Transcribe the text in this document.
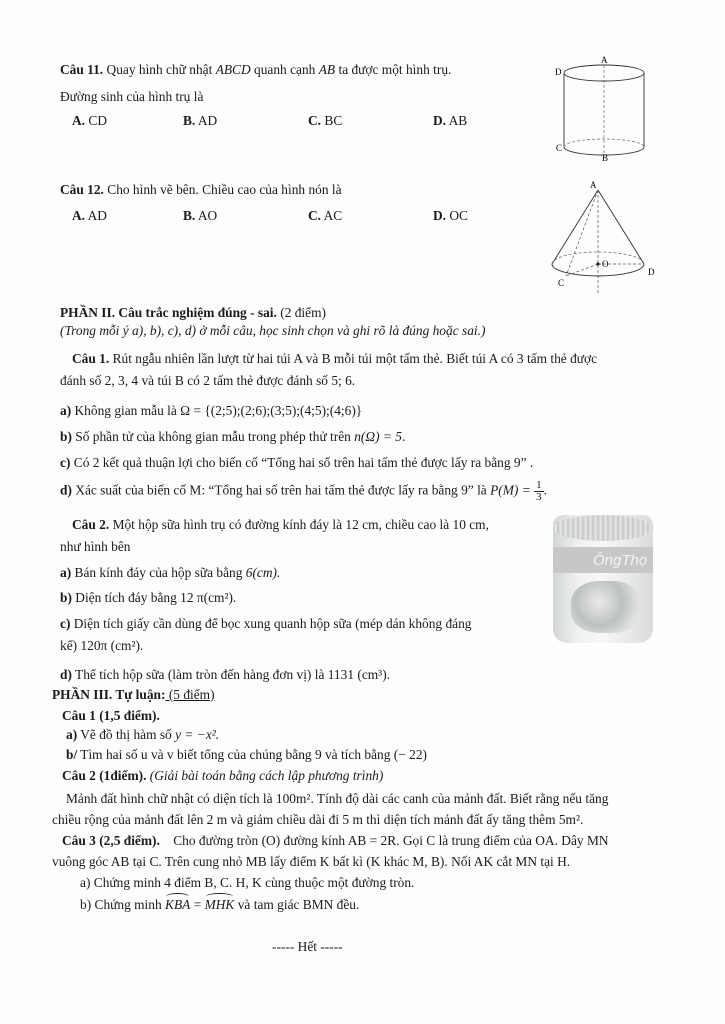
Câu 11. Quay hình chữ nhật ABCD quanh cạnh AB ta được một hình trụ.
Đường sinh của hình trụ là
A. CD	B. AD	C. BC	D. AB
D
A
C
B
Câu 12. Cho hình vẽ bên. Chiều cao của hình nón là
A. AD	B. AO	C. AC	D. OC
A
O
D
C
PHẦN II. Câu trắc nghiệm đúng - sai. (2 điểm)
(Trong mỗi ý a), b), c), d) ở mỗi câu, học sinh chọn và ghi rõ là đúng hoặc sai.)
Câu 1. Rút ngẫu nhiên lần lượt từ hai túi A và B mỗi túi một tấm thẻ. Biết túi A có 3 tấm thẻ được
đánh số 2, 3, 4 và túi B có 2 tấm thẻ được đánh số 5; 6.
a) Không gian mẫu là Ω = {(2;5);(2;6);(3;5);(4;5);(4;6)}
b) Số phần tử của không gian mẫu trong phép thử trên n(Ω) = 5.
c) Có 2 kết quả thuận lợi cho biến cố “Tổng hai số trên hai tấm thẻ được lấy ra bằng 9” .
d) Xác suất của biến cố M: “Tổng hai số trên hai tấm thẻ được lấy ra bằng 9” là $P(M) = \frac{1}{3}$ .
Câu 2. Một hộp sữa hình trụ có đường kính đáy là 12 cm, chiều cao là 10 cm,
như hình bên
a) Bán kính đáy của hộp sữa bằng 6(cm).
b) Diện tích đáy bằng 12 π(cm²).
c) Diện tích giấy cần dùng để bọc xung quanh hộp sữa (mép dán không đáng
kể) 120π (cm²).
d) Thể tích hộp sữa (làm tròn đến hàng đơn vị) là 1131 (cm³).
ÔngThọ
PHẦN III. Tự luận: (5 điểm)
Câu 1 (1,5 điểm).
a) Vẽ đồ thị hàm số y = −x².
b/ Tìm hai số u và v biết tổng của chúng bằng 9 và tích bằng (− 22)
Câu 2 (1điểm). (Giải bài toán bằng cách lập phương trình)
Mảnh đất hình chữ nhật có diện tích là 100m². Tính độ dài các canh của mảnh đất. Biết rằng nếu tăng
chiều rộng của mảnh đất lên 2 m và giảm chiều dài đi 5 m thì diện tích mảnh đất ấy tăng thêm 5m².
Câu 3 (2,5 điểm). Cho đường tròn (O) đường kính AB = 2R. Gọi C là trung điểm của OA. Dây MN
vuông góc AB tại C. Trên cung nhỏ MB lấy điểm K bất kì (K khác M, B). Nối AK cắt MN tại H.
a) Chứng minh 4 điểm B, C. H, K cùng thuộc một đường tròn.
b) Chứng minh KBA = MHK và tam giác BMN đều.
----- Hết -----
